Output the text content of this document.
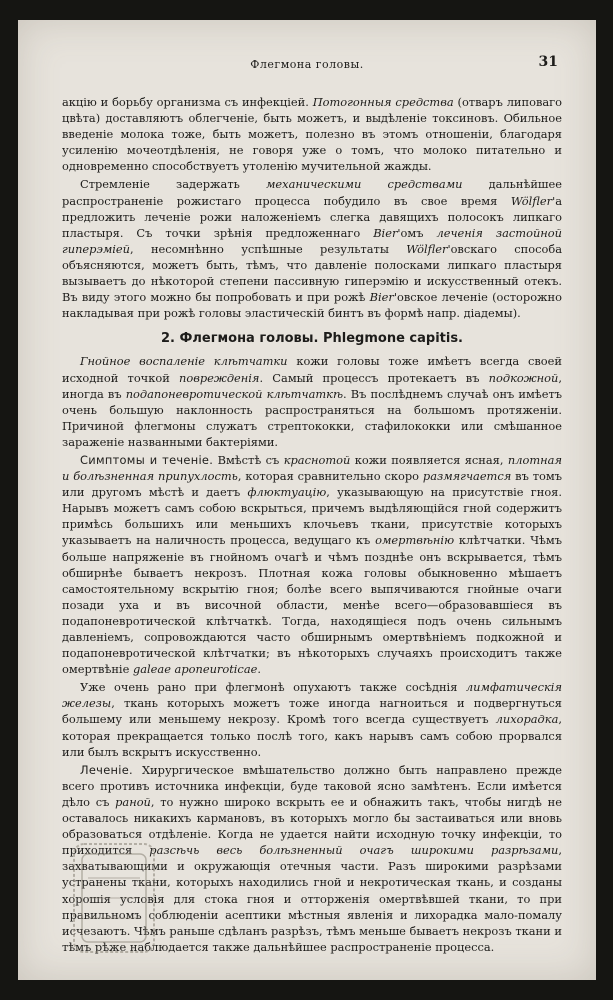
Флегмона головы.	31

акцію и борьбу организма съ инфекціей. Потогонныя средства (отваръ липоваго цвѣта) доставляютъ облегченіе, быть можетъ, и выдѣленіе токсиновъ. Обильное введеніе молока тоже, быть можетъ, полезно въ этомъ отношеніи, благодаря усиленію мочеотдѣленія, не говоря уже о томъ, что молоко питательно и одновременно способствуетъ утоленію мучительной жажды.

Стремленіе задержать механическими средствами дальнѣйшее распространеніе рожистаго процесса побудило въ свое время Wölfler'а предложить леченіе рожи наложеніемъ слегка давящихъ полосокъ липкаго пластыря. Съ точки зрѣнія предложеннаго Bier'омъ леченія застойной гиперэміей, несомнѣнно успѣшные результаты Wölfler'овскаго способа объясняются, можетъ быть, тѣмъ, что давленіе полосками липкаго пластыря вызываетъ до нѣкоторой степени пассивную гиперэмію и искусственный отекъ. Въ виду этого можно бы попробовать и при рожѣ Bier'овское леченіе (осторожно накладывая при рожѣ головы эластическій бинтъ въ формѣ напр. діадемы).

2. Флегмона головы. Phlegmone capitis.

Гнойное воспаленіе клѣтчатки кожи головы тоже имѣетъ всегда своей исходной точкой поврежденія. Самый процессъ протекаетъ въ подкожной, иногда въ подапоневротической клѣтчаткѣ. Въ послѣднемъ случаѣ онъ имѣетъ очень большую наклонность распространяться на большомъ протяженіи. Причиной флегмоны служатъ стрептококки, стафилококки или смѣшанное зараженіе названными бактеріями.

Симптомы и теченіе. Вмѣстѣ съ краснотой кожи появляется ясная, плотная и болѣзненная припухлость, которая сравнительно скоро размягчается въ томъ или другомъ мѣстѣ и даетъ флюктуацію, указывающую на присутствіе гноя. Нарывъ можетъ самъ собою вскрыться, причемъ выдѣляющійся гной содержитъ примѣсь большихъ или меньшихъ клочьевъ ткани, присутствіе которыхъ указываетъ на наличность процесса, ведущаго къ омертвѣнію клѣтчатки. Чѣмъ больше напряженіе въ гнойномъ очагѣ и чѣмъ позднѣе онъ вскрывается, тѣмъ обширнѣе бываетъ некрозъ. Плотная кожа головы обыкновенно мѣшаетъ самостоятельному вскрытію гноя; болѣе всего выпячиваются гнойные очаги позади уха и въ височной области, менѣе всего—образовавшіеся въ подапоневротической клѣтчаткѣ. Тогда, находящіеся подъ очень сильнымъ давленіемъ, сопровождаются часто обширнымъ омертвѣніемъ подкожной и подапоневротической клѣтчатки; въ нѣкоторыхъ случаяхъ происходитъ также омертвѣніе galeae aponeuroticae.

Уже очень рано при флегмонѣ опухаютъ также сосѣднія лимфатическія железы, ткань которыхъ можетъ тоже иногда нагноиться и подвергнуться большему или меньшему некрозу. Кромѣ того всегда существуетъ лихорадка, которая прекращается только послѣ того, какъ нарывъ самъ собою прорвался или былъ вскрытъ искусственно.

Леченіе. Хирургическое вмѣшательство должно быть направлено прежде всего противъ источника инфекціи, буде таковой ясно замѣтенъ. Если имѣется дѣло съ раной, то нужно широко вскрыть ее и обнажить такъ, чтобы нигдѣ не оставалось никакихъ кармановъ, въ которыхъ могло бы застаиваться или вновь образоваться отдѣленіе. Когда не удается найти исходную точку инфекціи, то приходится разсѣчь весь болѣзненный очагъ широкими разрѣзами, захватывающими и окружающія отечныя части. Разъ широкими разрѣзами устранены ткани, которыхъ находились гной и некротическая ткань, и созданы хорошія условія для стока гноя и отторженія омертвѣвшей ткани, то при правильномъ соблюденіи асептики мѣстныя явленія и лихорадка мало-помалу исчезаютъ. Чѣмъ раньше сдѣланъ разрѣзъ, тѣмъ меньше бываетъ некрозъ ткани и тѣмъ рѣже наблюдается также дальнѣйшее распространеніе процесса.
